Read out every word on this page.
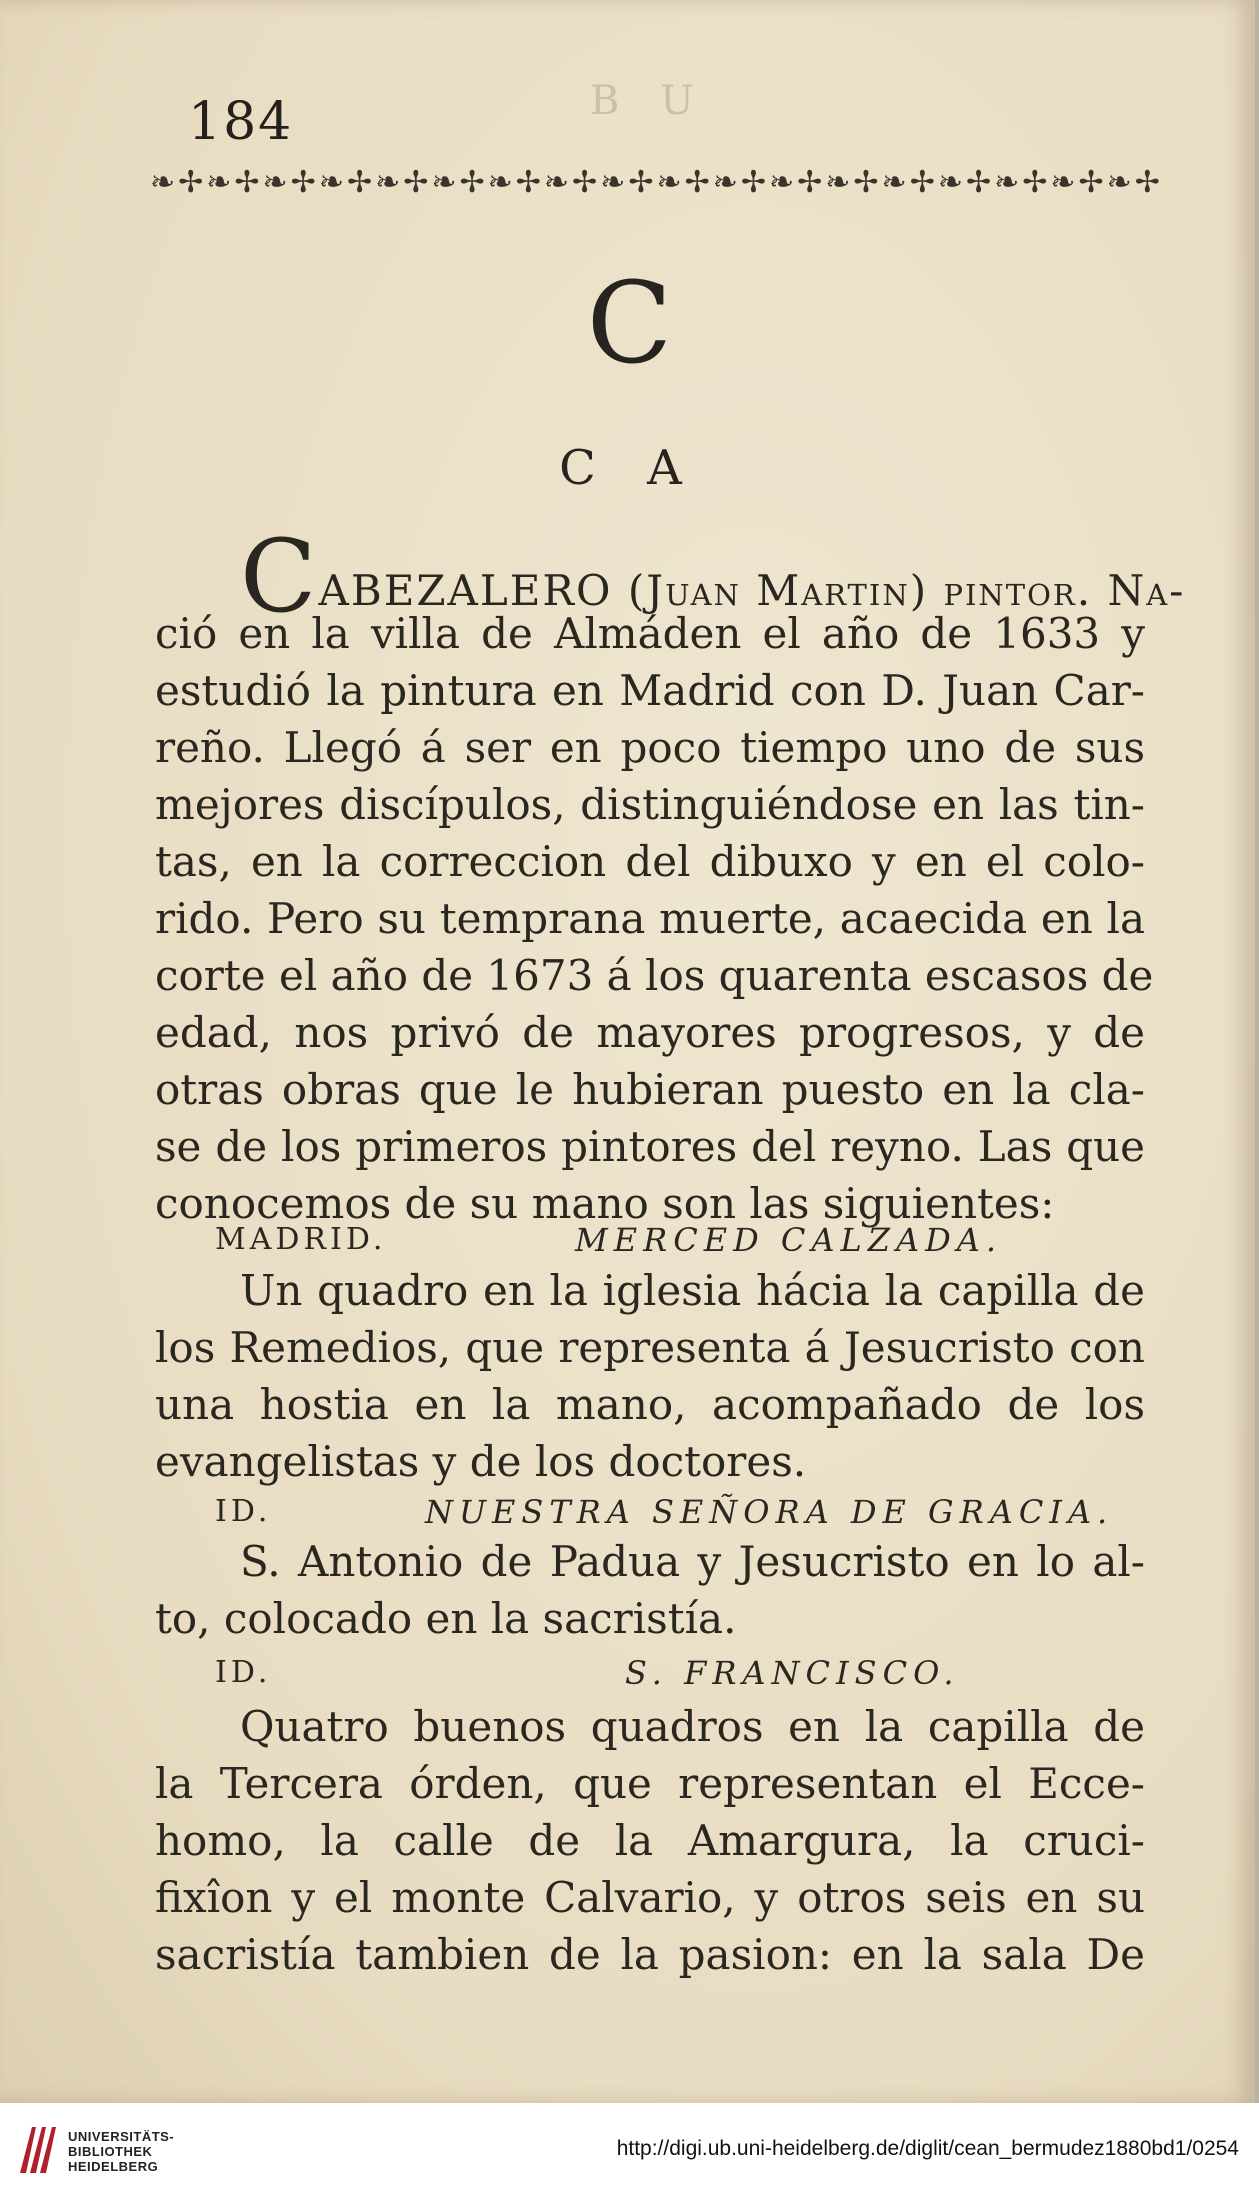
184	B U
❧✢❧✢❧✢❧✢❧✢❧✢❧✢❧✢❧✢❧✢❧✢❧✢❧✢❧✢❧✢❧✢❧✢❧✢
C
C A
CABEZALERO (Juan Martin) pintor. Na-
ció en la villa de Almáden el año de 1633 y
estudió la pintura en Madrid con D. Juan Car-
reño. Llegó á ser en poco tiempo uno de sus
mejores discípulos, distinguiéndose en las tin-
tas, en la correccion del dibuxo y en el colo-
rido. Pero su temprana muerte, acaecida en la
corte el año de 1673 á los quarenta escasos de
edad, nos privó de mayores progresos, y de
otras obras que le hubieran puesto en la cla-
se de los primeros pintores del reyno. Las que
conocemos de su mano son las siguientes:
MADRID.	MERCED CALZADA.
Un quadro en la iglesia hácia la capilla de
los Remedios, que representa á Jesucristo con
una hostia en la mano, acompañado de los
evangelistas y de los doctores.
ID.	NUESTRA SEÑORA DE GRACIA.
S. Antonio de Padua y Jesucristo en lo al-
to, colocado en la sacristía.
ID.	S. FRANCISCO.
Quatro buenos quadros en la capilla de
la Tercera órden, que representan el Ecce-
homo, la calle de la Amargura, la cruci-
fixîon y el monte Calvario, y otros seis en su
sacristía tambien de la pasion: en la sala De
UNIVERSITÄTS-
BIBLIOTHEK
HEIDELBERG
http://digi.ub.uni-heidelberg.de/diglit/cean_bermudez1880bd1/0254
